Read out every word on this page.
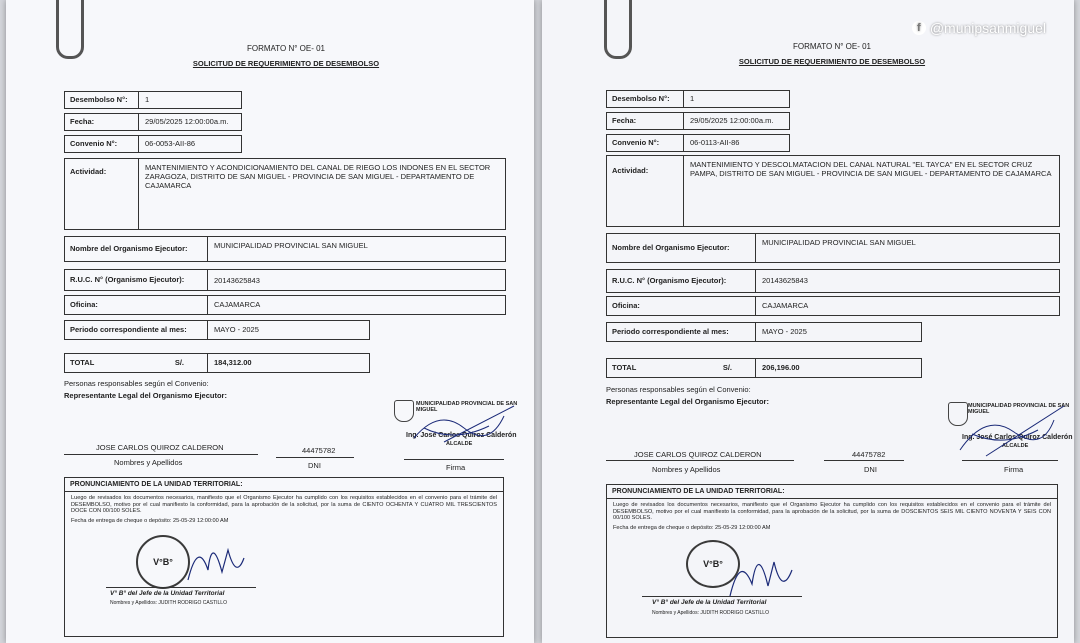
FORMATO N° OE- 01
SOLICITUD DE REQUERIMIENTO DE DESEMBOLSO
Desembolso N°:	1
Fecha:	29/05/2025 12:00:00a.m.
Convenio N°:	06-0053-AII-86
Actividad:	MANTENIMIENTO Y ACONDICIONAMIENTO DEL CANAL DE RIEGO LOS INDONES EN EL SECTOR ZARAGOZA, DISTRITO DE SAN MIGUEL - PROVINCIA DE SAN MIGUEL - DEPARTAMENTO DE CAJAMARCA
Nombre del Organismo Ejecutor:	MUNICIPALIDAD PROVINCIAL SAN MIGUEL
R.U.C. N° (Organismo Ejecutor):	20143625843
Oficina:	CAJAMARCA
Periodo correspondiente al mes:	MAYO - 2025
TOTAL	S/.	184,312.00
Personas responsables según el Convenio:
Representante Legal del Organismo Ejecutor:
MUNICIPALIDAD PROVINCIAL DE SAN MIGUEL
Ing. José Carlos Quiroz Calderón
ALCALDE
JOSE CARLOS QUIROZ CALDERON	44475782
Nombres y Apellidos	DNI	Firma
PRONUNCIAMIENTO DE LA UNIDAD TERRITORIAL:
Luego de revisados los documentos necesarios, manifiesto que el Organismo Ejecutor ha cumplido con los requisitos establecidos en el convenio para el trámite del DESEMBOLSO, motivo por el cual manifiesto la conformidad, para la aprobación de la solicitud, por la suma de CIENTO OCHENTA Y CUATRO MIL TRESCIENTOS DOCE CON 00/100 SOLES.
Fecha de entrega de cheque o depósito: 25-05-29 12:00:00 AM
V°B°
V° B° del Jefe de la Unidad Territorial
Nombres y Apellidos: JUDITH RODRIGO CASTILLO
f @munipsanmiguel
FORMATO N° OE- 01
SOLICITUD DE REQUERIMIENTO DE DESEMBOLSO
Desembolso N°:	1
Fecha:	29/05/2025 12:00:00a.m.
Convenio N°:	06-0113-AII-86
Actividad:
MANTENIMIENTO Y DESCOLMATACION DEL CANAL NATURAL "EL TAYCA" EN EL SECTOR CRUZ PAMPA, DISTRITO DE SAN MIGUEL - PROVINCIA DE SAN MIGUEL - DEPARTAMENTO DE CAJAMARCA
Nombre del Organismo Ejecutor:
MUNICIPALIDAD PROVINCIAL SAN MIGUEL
R.U.C. N° (Organismo Ejecutor):	20143625843
Oficina:	CAJAMARCA
Periodo correspondiente al mes:	MAYO - 2025
TOTAL	S/.	206,196.00
Personas responsables según el Convenio:
Representante Legal del Organismo Ejecutor:	MUNICIPALIDAD PROVINCIAL DE SAN MIGUEL
Ing. José Carlos Quiroz Calderón
ALCALDE
JOSE CARLOS QUIROZ CALDERON	44475782
Nombres y Apellidos	DNI	Firma
PRONUNCIAMIENTO DE LA UNIDAD TERRITORIAL:
Luego de revisados los documentos necesarios, manifiesto que el Organismo Ejecutor ha cumplido con los requisitos establecidos en el convenio para el trámite del DESEMBOLSO, motivo por el cual manifiesto la conformidad, para la aprobación de la solicitud, por la suma de DOSCIENTOS SEIS MIL CIENTO NOVENTA Y SEIS CON 00/100 SOLES.
Fecha de entrega de cheque o depósito: 25-05-29 12:00:00 AM
V°B°
V° B° del Jefe de la Unidad Territorial
Nombres y Apellidos: JUDITH RODRIGO CASTILLO
